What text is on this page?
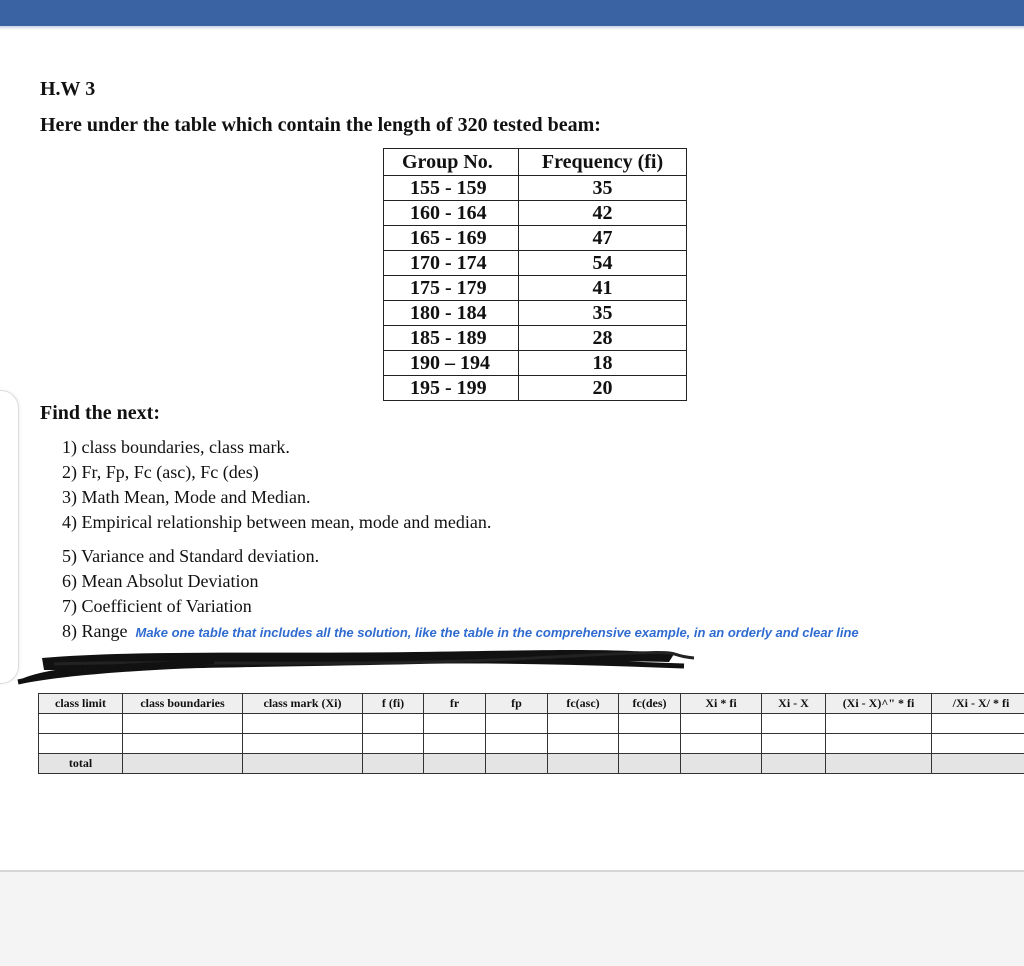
H.W 3
Here under the table which contain the length of 320 tested beam:
Group No.	Frequency (fi)
155 - 159	35
160 - 164	42
165 - 169	47
170 - 174	54
175 - 179	41
180 - 184	35
185 - 189	28
190 – 194	18
195 - 199	20
Find the next:
1) class boundaries, class mark.
2) Fr, Fp, Fc (asc), Fc (des)
3) Math Mean, Mode and Median.
4) Empirical relationship between mean, mode and median.
5) Variance and Standard deviation.
6) Mean Absolut Deviation
7) Coefficient of Variation
8) Range Make one table that includes all the solution, like the table in the comprehensive example, in an orderly and clear line
class limit	class boundaries	class mark (Xi)	f (fi)	fr	fp	fc(asc)	fc(des)	Xi * fi	Xi - X	(Xi - X)^" * fi	/Xi - X/ * fi

total											
